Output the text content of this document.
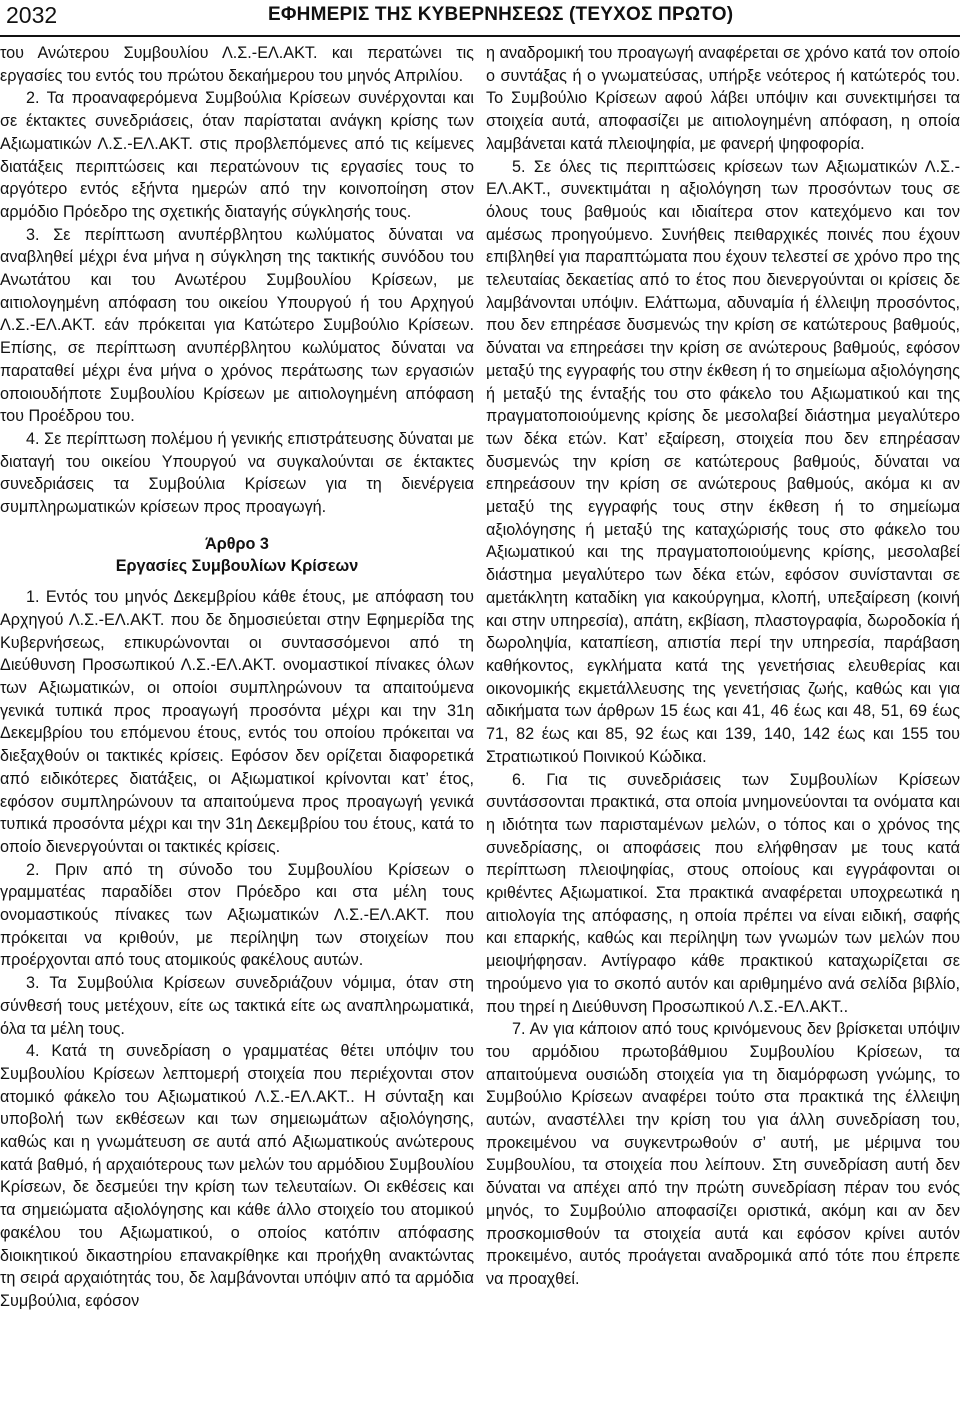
2032	ΕΦΗΜΕΡΙΣ ΤΗΣ ΚΥΒΕΡΝΗΣΕΩΣ (ΤΕΥΧΟΣ ΠΡΩΤΟ)

του Ανώτερου Συμβουλίου Λ.Σ.-ΕΛ.ΑΚΤ. και περατώνει τις εργασίες του εντός του πρώτου δεκαήμερου του μηνός Απριλίου.

2. Τα προαναφερόμενα Συμβούλια Κρίσεων συνέρχονται και σε έκτακτες συνεδριάσεις, όταν παρίσταται ανάγκη κρίσης των Αξιωματικών Λ.Σ.-ΕΛ.ΑΚΤ. στις προβλεπόμενες από τις κείμενες διατάξεις περιπτώσεις και περατώνουν τις εργασίες τους το αργότερο εντός εξήντα ημερών από την κοινοποίηση στον αρμόδιο Πρόεδρο της σχετικής διαταγής σύγκλησής τους.

3. Σε περίπτωση ανυπέρβλητου κωλύματος δύναται να αναβληθεί μέχρι ένα μήνα η σύγκληση της τακτικής συνόδου του Ανωτάτου και του Ανωτέρου Συμβουλίου Κρίσεων, με αιτιολογημένη απόφαση του οικείου Υπουργού ή του Αρχηγού Λ.Σ.-ΕΛ.ΑΚΤ. εάν πρόκειται για Κατώτερο Συμβούλιο Κρίσεων. Επίσης, σε περίπτωση ανυπέρβλητου κωλύματος δύναται να παραταθεί μέχρι ένα μήνα ο χρόνος περάτωσης των εργασιών οποιουδήποτε Συμβουλίου Κρίσεων με αιτιολογημένη απόφαση του Προέδρου του.

4. Σε περίπτωση πολέμου ή γενικής επιστράτευσης δύναται με διαταγή του οικείου Υπουργού να συγκαλούνται σε έκτακτες συνεδριάσεις τα Συμβούλια Κρίσεων για τη διενέργεια συμπληρωματικών κρίσεων προς προαγωγή.

Άρθρο 3

Εργασίες Συμβουλίων Κρίσεων

1. Εντός του μηνός Δεκεμβρίου κάθε έτους, με απόφαση του Αρχηγού Λ.Σ.-ΕΛ.ΑΚΤ. που δε δημοσιεύεται στην Εφημερίδα της Κυβερνήσεως, επικυρώνονται οι συντασσόμενοι από τη Διεύθυνση Προσωπικού Λ.Σ.-ΕΛ.ΑΚΤ. ονομαστικοί πίνακες όλων των Αξιωματικών, οι οποίοι συμπληρώνουν τα απαιτούμενα γενικά τυπικά προς προαγωγή προσόντα μέχρι και την 31η Δεκεμβρίου του επόμενου έτους, εντός του οποίου πρόκειται να διεξαχθούν οι τακτικές κρίσεις. Εφόσον δεν ορίζεται διαφορετικά από ειδικότερες διατάξεις, οι Αξιωματικοί κρίνονται κατ’ έτος, εφόσον συμπληρώνουν τα απαιτούμενα προς προαγωγή γενικά τυπικά προσόντα μέχρι και την 31η Δεκεμβρίου του έτους, κατά το οποίο διενεργούνται οι τακτικές κρίσεις.

2. Πριν από τη σύνοδο του Συμβουλίου Κρίσεων ο γραμματέας παραδίδει στον Πρόεδρο και στα μέλη τους ονομαστικούς πίνακες των Αξιωματικών Λ.Σ.-ΕΛ.ΑΚΤ. που πρόκειται να κριθούν, με περίληψη των στοιχείων που προέρχονται από τους ατομικούς φακέλους αυτών.

3. Τα Συμβούλια Κρίσεων συνεδριάζουν νόμιμα, όταν στη σύνθεσή τους μετέχουν, είτε ως τακτικά είτε ως αναπληρωματικά, όλα τα μέλη τους.

4. Κατά τη συνεδρίαση ο γραμματέας θέτει υπόψιν του Συμβουλίου Κρίσεων λεπτομερή στοιχεία που περιέχονται στον ατομικό φάκελο του Αξιωματικού Λ.Σ.-ΕΛ.ΑΚΤ.. Η σύνταξη και υποβολή των εκθέσεων και των σημειωμάτων αξιολόγησης, καθώς και η γνωμάτευση σε αυτά από Αξιωματικούς ανώτερους κατά βαθμό, ή αρχαιότερους των μελών του αρμόδιου Συμβουλίου Κρίσεων, δε δεσμεύει την κρίση των τελευταίων. Οι εκθέσεις και τα σημειώματα αξιολόγησης και κάθε άλλο στοιχείο του ατομικού φακέλου του Αξιωματικού, ο οποίος κατόπιν απόφασης διοικητικού δικαστηρίου επανακρίθηκε και προήχθη ανακτώντας τη σειρά αρχαιότητάς του, δε λαμβάνονται υπόψιν από τα αρμόδια Συμβούλια, εφόσον

η αναδρομική του προαγωγή αναφέρεται σε χρόνο κατά τον οποίο ο συντάξας ή ο γνωματεύσας, υπήρξε νεότερος ή κατώτερός του. Το Συμβούλιο Κρίσεων αφού λάβει υπόψιν και συνεκτιμήσει τα στοιχεία αυτά, αποφασίζει με αιτιολογημένη απόφαση, η οποία λαμβάνεται κατά πλειοψηφία, με φανερή ψηφοφορία.

5. Σε όλες τις περιπτώσεις κρίσεων των Αξιωματικών Λ.Σ.-ΕΛ.ΑΚΤ., συνεκτιμάται η αξιολόγηση των προσόντων τους σε όλους τους βαθμούς και ιδιαίτερα στον κατεχόμενο και τον αμέσως προηγούμενο. Συνήθεις πειθαρχικές ποινές που έχουν επιβληθεί για παραπτώματα που έχουν τελεστεί σε χρόνο προ της τελευταίας δεκαετίας από το έτος που διενεργούνται οι κρίσεις δε λαμβάνονται υπόψιν. Ελάττωμα, αδυναμία ή έλλειψη προσόντος, που δεν επηρέασε δυσμενώς την κρίση σε κατώτερους βαθμούς, δύναται να επηρεάσει την κρίση σε ανώτερους βαθμούς, εφόσον μεταξύ της εγγραφής του στην έκθεση ή το σημείωμα αξιολόγησης ή μεταξύ της ένταξής του στο φάκελο του Αξιωματικού και της πραγματοποιούμενης κρίσης δε μεσολαβεί διάστημα μεγαλύτερο των δέκα ετών. Κατ’ εξαίρεση, στοιχεία που δεν επηρέασαν δυσμενώς την κρίση σε κατώτερους βαθμούς, δύναται να επηρεάσουν την κρίση σε ανώτερους βαθμούς, ακόμα κι αν μεταξύ της εγγραφής τους στην έκθεση ή το σημείωμα αξιολόγησης ή μεταξύ της καταχώρισής τους στο φάκελο του Αξιωματικού και της πραγματοποιούμενης κρίσης, μεσολαβεί διάστημα μεγαλύτερο των δέκα ετών, εφόσον συνίστανται σε αμετάκλητη καταδίκη για κακούργημα, κλοπή, υπεξαίρεση (κοινή και στην υπηρεσία), απάτη, εκβίαση, πλαστογραφία, δωροδοκία ή δωροληψία, καταπίεση, απιστία περί την υπηρεσία, παράβαση καθήκοντος, εγκλήματα κατά της γενετήσιας ελευθερίας και οικονομικής εκμετάλλευσης της γενετήσιας ζωής, καθώς και για αδικήματα των άρθρων 15 έως και 41, 46 έως και 48, 51, 69 έως 71, 82 έως και 85, 92 έως και 139, 140, 142 έως και 155 του Στρατιωτικού Ποινικού Κώδικα.

6. Για τις συνεδριάσεις των Συμβουλίων Κρίσεων συντάσσονται πρακτικά, στα οποία μνημονεύονται τα ονόματα και η ιδιότητα των παρισταμένων μελών, ο τόπος και ο χρόνος της συνεδρίασης, οι αποφάσεις που ελήφθησαν με τους κατά περίπτωση πλειοψηφίας, στους οποίους και εγγράφονται οι κριθέντες Αξιωματικοί. Στα πρακτικά αναφέρεται υποχρεωτικά η αιτιολογία της απόφασης, η οποία πρέπει να είναι ειδική, σαφής και επαρκής, καθώς και περίληψη των γνωμών των μελών που μειοψήφησαν. Αντίγραφο κάθε πρακτικού καταχωρίζεται σε τηρούμενο για το σκοπό αυτόν και αριθμημένο ανά σελίδα βιβλίο, που τηρεί η Διεύθυνση Προσωπικού Λ.Σ.-ΕΛ.ΑΚΤ..

7. Αν για κάποιον από τους κρινόμενους δεν βρίσκεται υπόψιν του αρμόδιου πρωτοβάθμιου Συμβουλίου Κρίσεων, τα απαιτούμενα ουσιώδη στοιχεία για τη διαμόρφωση γνώμης, το Συμβούλιο Κρίσεων αναφέρει τούτο στα πρακτικά της έλλειψη αυτών, αναστέλλει την κρίση του για άλλη συνεδρίαση του, προκειμένου να συγκεντρωθούν σ’ αυτή, με μέριμνα του Συμβουλίου, τα στοιχεία που λείπουν. Στη συνεδρίαση αυτή δεν δύναται να απέχει από την πρώτη συνεδρίαση πέραν του ενός μηνός, το Συμβούλιο αποφασίζει οριστικά, ακόμη και αν δεν προσκομισθούν τα στοιχεία αυτά και εφόσον κρίνει αυτόν προκειμένο, αυτός προάγεται αναδρομικά από τότε που έπρεπε να προαχθεί.
